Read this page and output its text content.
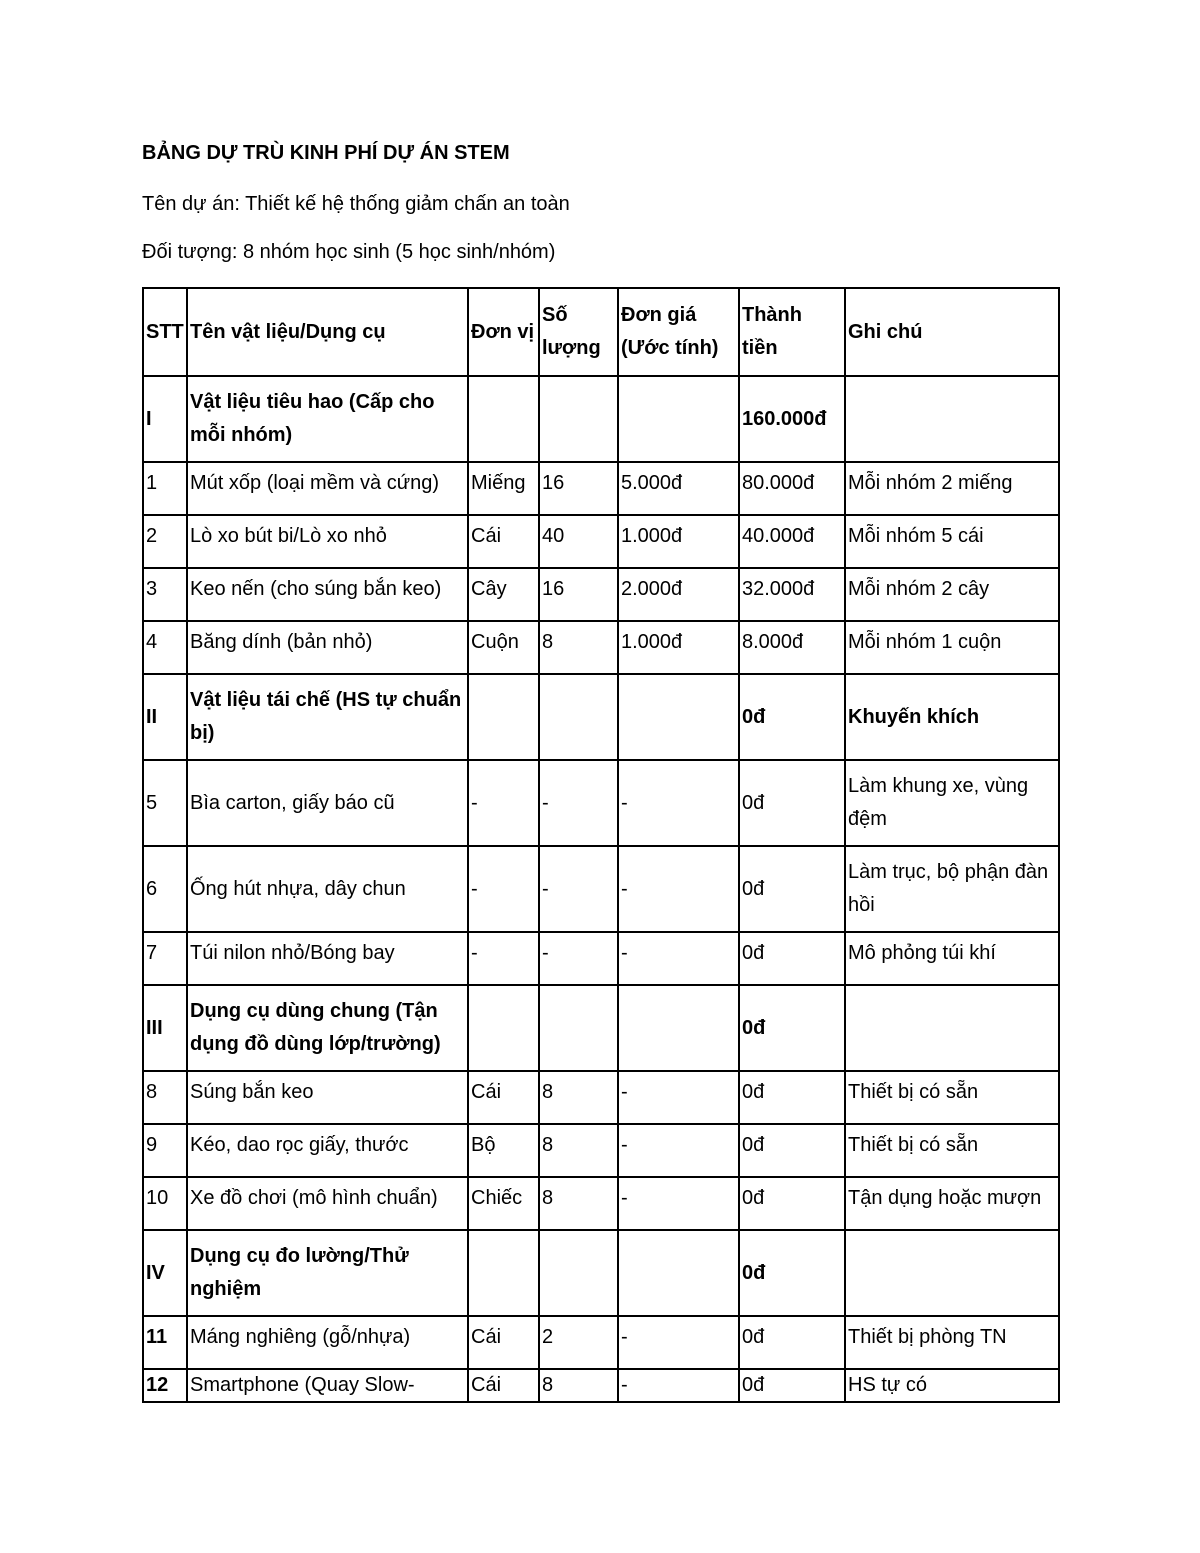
BẢNG DỰ TRÙ KINH PHÍ DỰ ÁN STEM
Tên dự án: Thiết kế hệ thống giảm chấn an toàn
Đối tượng: 8 nhóm học sinh (5 học sinh/nhóm)
STT	Tên vật liệu/Dụng cụ	Đơn vị	Số lượng	Đơn giá (Ước tính)	Thành tiền	Ghi chú
I	Vật liệu tiêu hao (Cấp cho mỗi nhóm)				160.000đ	
1	Mút xốp (loại mềm và cứng)	Miếng	16	5.000đ	80.000đ	Mỗi nhóm 2 miếng
2	Lò xo bút bi/Lò xo nhỏ	Cái	40	1.000đ	40.000đ	Mỗi nhóm 5 cái
3	Keo nến (cho súng bắn keo)	Cây	16	2.000đ	32.000đ	Mỗi nhóm 2 cây
4	Băng dính (bản nhỏ)	Cuộn	8	1.000đ	8.000đ	Mỗi nhóm 1 cuộn
II	Vật liệu tái chế (HS tự chuẩn bị)				0đ	Khuyến khích
5	Bìa carton, giấy báo cũ	-	-	-	0đ	Làm khung xe, vùng đệm
6	Ống hút nhựa, dây chun	-	-	-	0đ	Làm trục, bộ phận đàn hồi
7	Túi nilon nhỏ/Bóng bay	-	-	-	0đ	Mô phỏng túi khí
III	Dụng cụ dùng chung (Tận dụng đồ dùng lớp/trường)				0đ	
8	Súng bắn keo	Cái	8	-	0đ	Thiết bị có sẵn
9	Kéo, dao rọc giấy, thước	Bộ	8	-	0đ	Thiết bị có sẵn
10	Xe đồ chơi (mô hình chuẩn)	Chiếc	8	-	0đ	Tận dụng hoặc mượn
IV	Dụng cụ đo lường/Thử nghiệm				0đ	
11	Máng nghiêng (gỗ/nhựa)	Cái	2	-	0đ	Thiết bị phòng TN
12	Smartphone (Quay Slow-	Cái	8	-	0đ	HS tự có
